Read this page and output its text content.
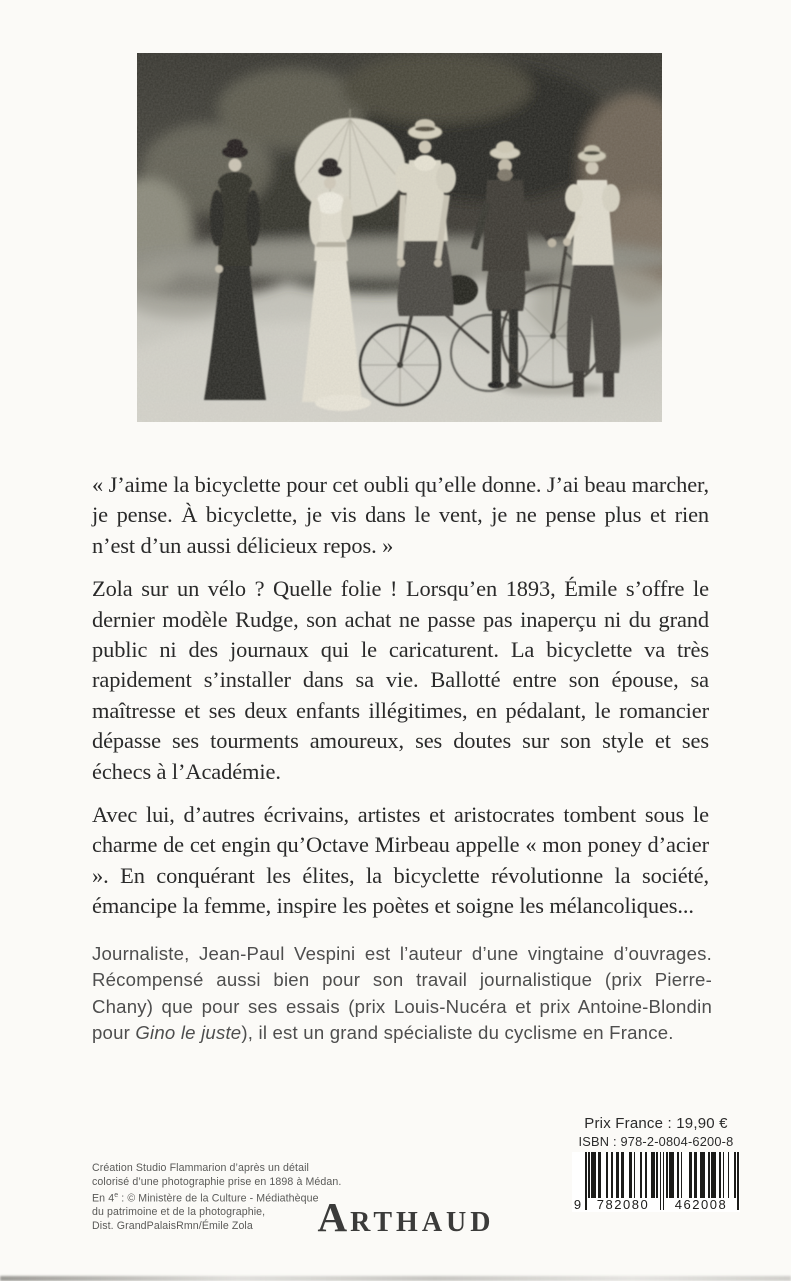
« J’aime la bicyclette pour cet oubli qu’elle donne. J’ai beau marcher, je pense. À bicyclette, je vis dans le vent, je ne pense plus et rien n’est d’un aussi délicieux repos. »

Zola sur un vélo ? Quelle folie ! Lorsqu’en 1893, Émile s’offre le dernier modèle Rudge, son achat ne passe pas inaperçu ni du grand public ni des journaux qui le caricaturent. La bicyclette va très rapidement s’installer dans sa vie. Ballotté entre son épouse, sa maîtresse et ses deux enfants illégitimes, en pédalant, le romancier dépasse ses tourments amoureux, ses doutes sur son style et ses échecs à l’Académie.

Avec lui, d’autres écrivains, artistes et aristocrates tombent sous le charme de cet engin qu’Octave Mirbeau appelle « mon poney d’acier ». En conquérant les élites, la bicyclette révolutionne la société, émancipe la femme, inspire les poètes et soigne les mélancoliques...

Journaliste, Jean-Paul Vespini est l’auteur d’une vingtaine d’ouvrages. Récompensé aussi bien pour son travail journalistique (prix Pierre-Chany) que pour ses essais (prix Louis-Nucéra et prix Antoine-Blondin pour Gino le juste), il est un grand spécialiste du cyclisme en France.
Création Studio Flammarion d’après un détail
colorisé d’une photographie prise en 1898 à Médan.
En 4e : © Ministère de la Culture - Médiathèque
du patrimoine et de la photographie,
Dist. GrandPalaisRmn/Émile Zola	ARTHAUD
Prix France : 19,90 €
ISBN : 978-2-0804-6200-8
9	782080	462008
